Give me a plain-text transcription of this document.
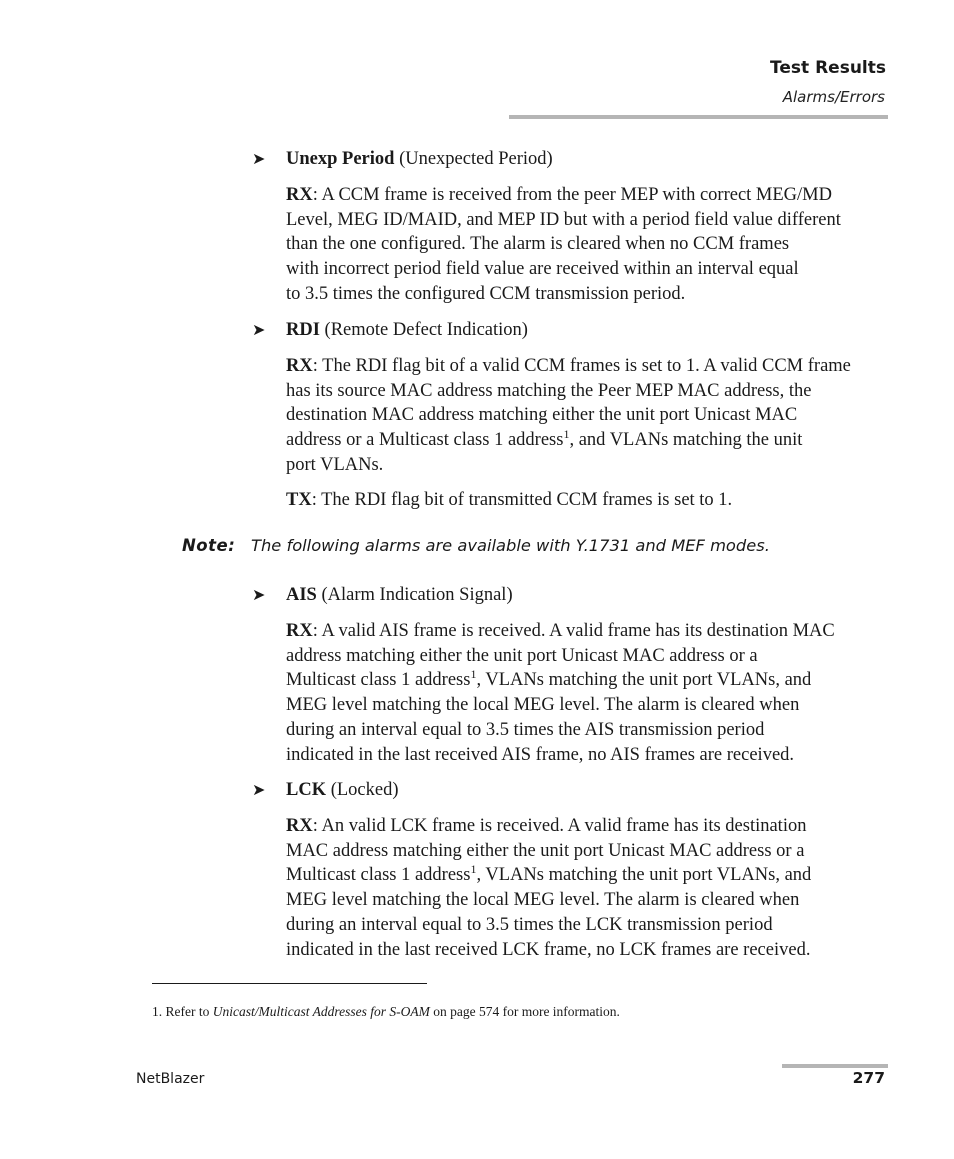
Test Results
Alarms/Errors
➤	Unexp Period (Unexpected Period)
RX: A CCM frame is received from the peer MEP with correct MEG/MD
Level, MEG ID/MAID, and MEP ID but with a period field value different
than the one configured. The alarm is cleared when no CCM frames
with incorrect period field value are received within an interval equal
to 3.5 times the configured CCM transmission period.
➤	RDI (Remote Defect Indication)
RX: The RDI flag bit of a valid CCM frames is set to 1. A valid CCM frame
has its source MAC address matching the Peer MEP MAC address, the
destination MAC address matching either the unit port Unicast MAC
address or a Multicast class 1 address$^1$, and VLANs matching the unit
port VLANs.
TX: The RDI flag bit of transmitted CCM frames is set to 1.
Note: The following alarms are available with Y.1731 and MEF modes.
➤	AIS (Alarm Indication Signal)
RX: A valid AIS frame is received. A valid frame has its destination MAC
address matching either the unit port Unicast MAC address or a
Multicast class 1 address$^1$, VLANs matching the unit port VLANs, and
MEG level matching the local MEG level. The alarm is cleared when
during an interval equal to 3.5 times the AIS transmission period
indicated in the last received AIS frame, no AIS frames are received.
➤	LCK (Locked)
RX: An valid LCK frame is received. A valid frame has its destination
MAC address matching either the unit port Unicast MAC address or a
Multicast class 1 address$^1$, VLANs matching the unit port VLANs, and
MEG level matching the local MEG level. The alarm is cleared when
during an interval equal to 3.5 times the LCK transmission period
indicated in the last received LCK frame, no LCK frames are received.
1. Refer to Unicast/Multicast Addresses for S-OAM on page 574 for more information.
NetBlazer	277
